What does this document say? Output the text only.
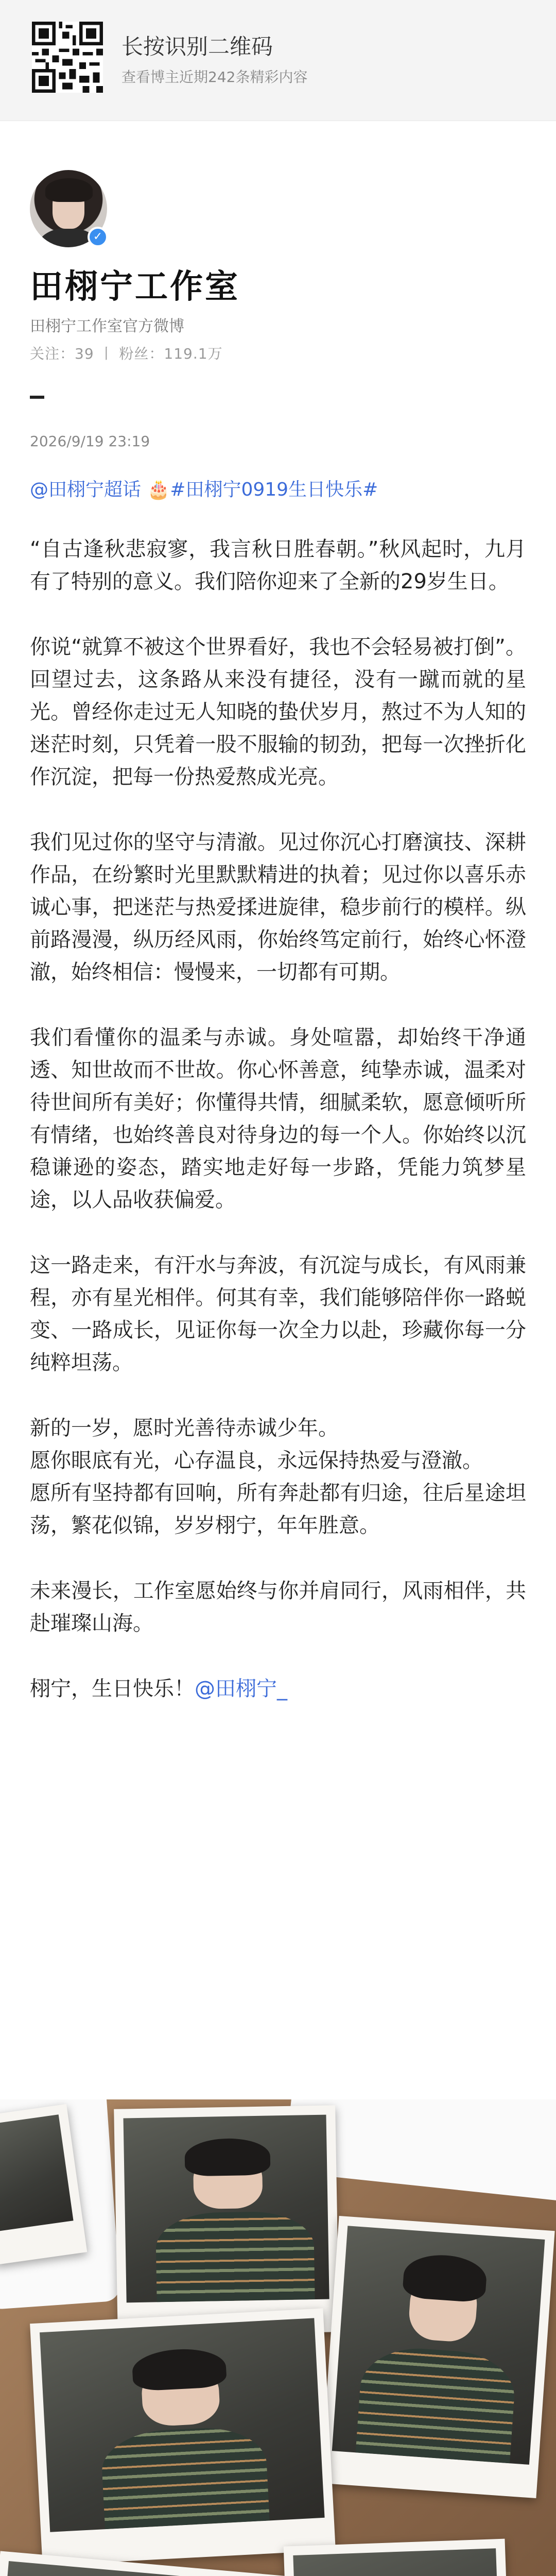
长按识别二维码
查看博主近期242条精彩内容
✓
田栩宁工作室
田栩宁工作室官方微博
关注：39 丨 粉丝：119.1万
2026/9/19 23:19
@田栩宁超话 🎂#田栩宁0919生日快乐#

“自古逢秋悲寂寥，我言秋日胜春朝。”秋风起时，九月有了特别的意义。我们陪你迎来了全新的29岁生日。

你说“就算不被这个世界看好，我也不会轻易被打倒”。回望过去，这条路从来没有捷径，没有一蹴而就的星光。曾经你走过无人知晓的蛰伏岁月，熬过不为人知的迷茫时刻，只凭着一股不服输的韧劲，把每一次挫折化作沉淀，把每一份热爱熬成光亮。

我们见过你的坚守与清澈。见过你沉心打磨演技、深耕作品，在纷繁时光里默默精进的执着；见过你以喜乐赤诚心事，把迷茫与热爱揉进旋律，稳步前行的模样。纵前路漫漫，纵历经风雨，你始终笃定前行，始终心怀澄澈，始终相信：慢慢来，一切都有可期。

我们看懂你的温柔与赤诚。身处喧嚣，却始终干净通透、知世故而不世故。你心怀善意，纯挚赤诚，温柔对待世间所有美好；你懂得共情，细腻柔软，愿意倾听所有情绪，也始终善良对待身边的每一个人。你始终以沉稳谦逊的姿态，踏实地走好每一步路，凭能力筑梦星途，以人品收获偏爱。

这一路走来，有汗水与奔波，有沉淀与成长，有风雨兼程，亦有星光相伴。何其有幸，我们能够陪伴你一路蜕变、一路成长，见证你每一次全力以赴，珍藏你每一分纯粹坦荡。

新的一岁，愿时光善待赤诚少年。
愿你眼底有光，心存温良，永远保持热爱与澄澈。
愿所有坚持都有回响，所有奔赴都有归途，往后星途坦荡，繁花似锦，岁岁栩宁，年年胜意。

未来漫长，工作室愿始终与你并肩同行，风雨相伴，共赴璀璨山海。

栩宁，生日快乐！@田栩宁_
